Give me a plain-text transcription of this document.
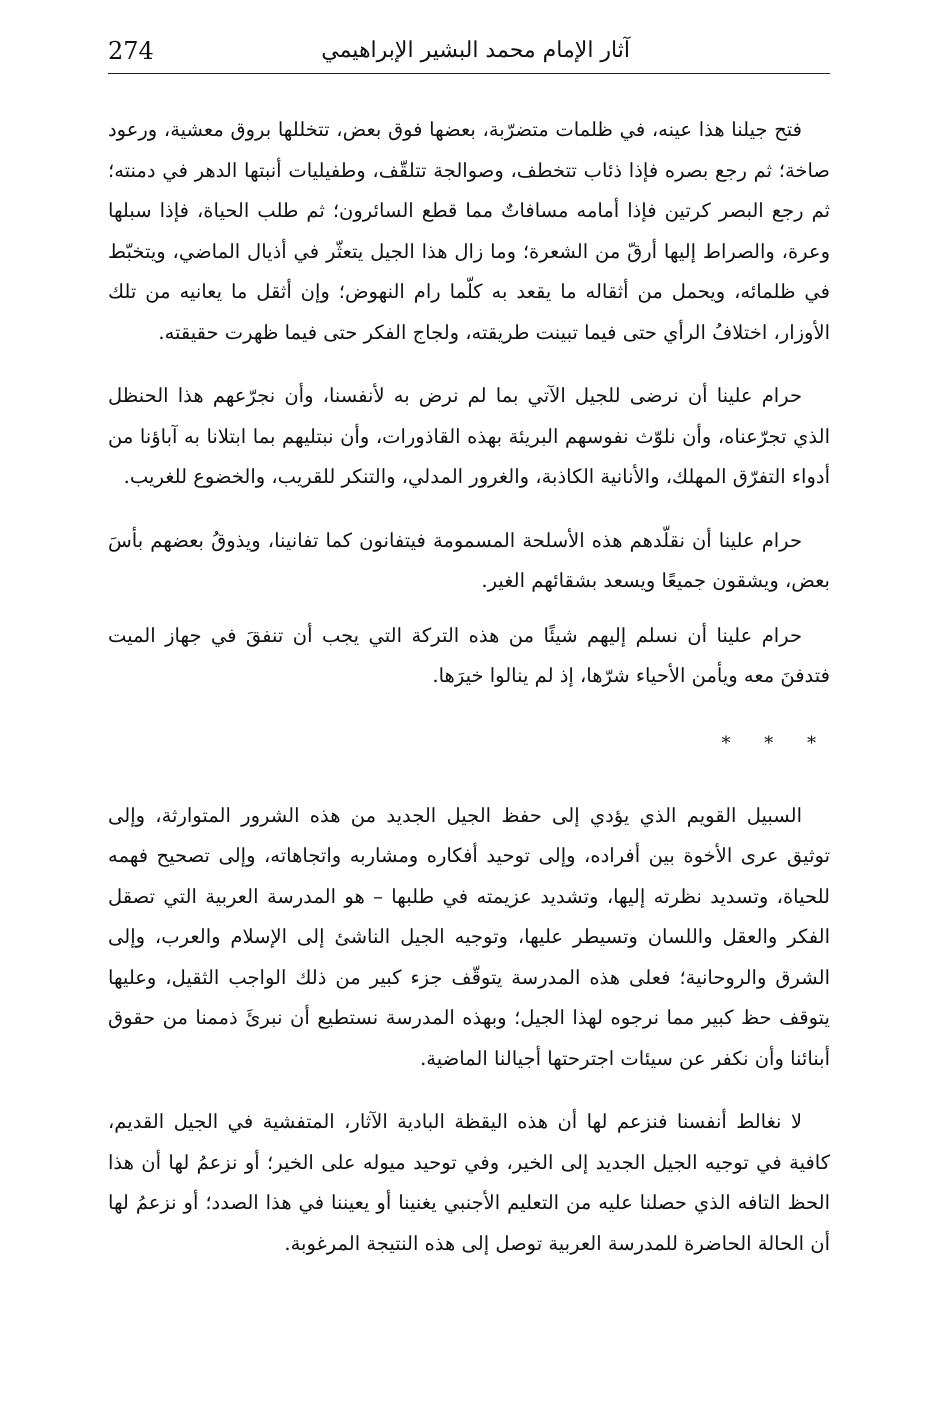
274	آثار الإمام محمد البشير الإبراهيمي

فتح جيلنا هذا عينه، في ظلمات متضرّبة، بعضها فوق بعض، تتخللها بروق معشية، ورعود صاخة؛ ثم رجع بصره فإذا ذئاب تتخطف، وصوالجة تتلقّف، وطفيليات أنبتها الدهر في دمنته؛ ثم رجع البصر كرتين فإذا أمامه مسافاتٌ مما قطع السائرون؛ ثم طلب الحياة، فإذا سبلها وعرة، والصراط إليها أرقّ من الشعرة؛ وما زال هذا الجيل يتعثّر في أذيال الماضي، ويتخبّط في ظلمائه، ويحمل من أثقاله ما يقعد به كلّما رام النهوض؛ وإن أثقل ما يعانيه من تلك الأوزار، اختلافُ الرأي حتى فيما تبينت طريقته، ولجاج الفكر حتى فيما ظهرت حقيقته.

حرام علينا أن نرضى للجيل الآتي بما لم نرض به لأنفسنا، وأن نجرّعهم هذا الحنظل الذي تجرّعناه، وأن نلوّث نفوسهم البريئة بهذه القاذورات، وأن نبتليهم بما ابتلانا به آباؤنا من أدواء التفرّق المهلك، والأنانية الكاذبة، والغرور المدلي، والتنكر للقريب، والخضوع للغريب.

حرام علينا أن نقلّدهم هذه الأسلحة المسمومة فيتفانون كما تفانينا، ويذوقُ بعضهم بأسَ بعض، ويشقون جميعًا ويسعد بشقائهم الغير.

حرام علينا أن نسلم إليهم شيئًا من هذه التركة التي يجب أن تنفقَ في جهاز الميت فتدفنَ معه ويأمن الأحياء شرّها، إذ لم ينالوا خيرَها.

* * *

السبيل القويم الذي يؤدي إلى حفظ الجيل الجديد من هذه الشرور المتوارثة، وإلى توثيق عرى الأخوة بين أفراده، وإلى توحيد أفكاره ومشاربه واتجاهاته، وإلى تصحيح فهمه للحياة، وتسديد نظرته إليها، وتشديد عزيمته في طلبها – هو المدرسة العربية التي تصقل الفكر والعقل واللسان وتسيطر عليها، وتوجيه الجيل الناشئ إلى الإسلام والعرب، وإلى الشرق والروحانية؛ فعلى هذه المدرسة يتوقّف جزء كبير من ذلك الواجب الثقيل، وعليها يتوقف حظ كبير مما نرجوه لهذا الجيل؛ وبهذه المدرسة نستطيع أن نبرئَ ذممنا من حقوق أبنائنا وأن نكفر عن سيئات اجترحتها أجيالنا الماضية.

لا نغالط أنفسنا فنزعم لها أن هذه اليقظة البادية الآثار، المتفشية في الجيل القديم، كافية في توجيه الجيل الجديد إلى الخير، وفي توحيد ميوله على الخير؛ أو نزعمُ لها أن هذا الحظ التافه الذي حصلنا عليه من التعليم الأجنبي يغنينا أو يعيننا في هذا الصدد؛ أو نزعمُ لها أن الحالة الحاضرة للمدرسة العربية توصل إلى هذه النتيجة المرغوبة.
